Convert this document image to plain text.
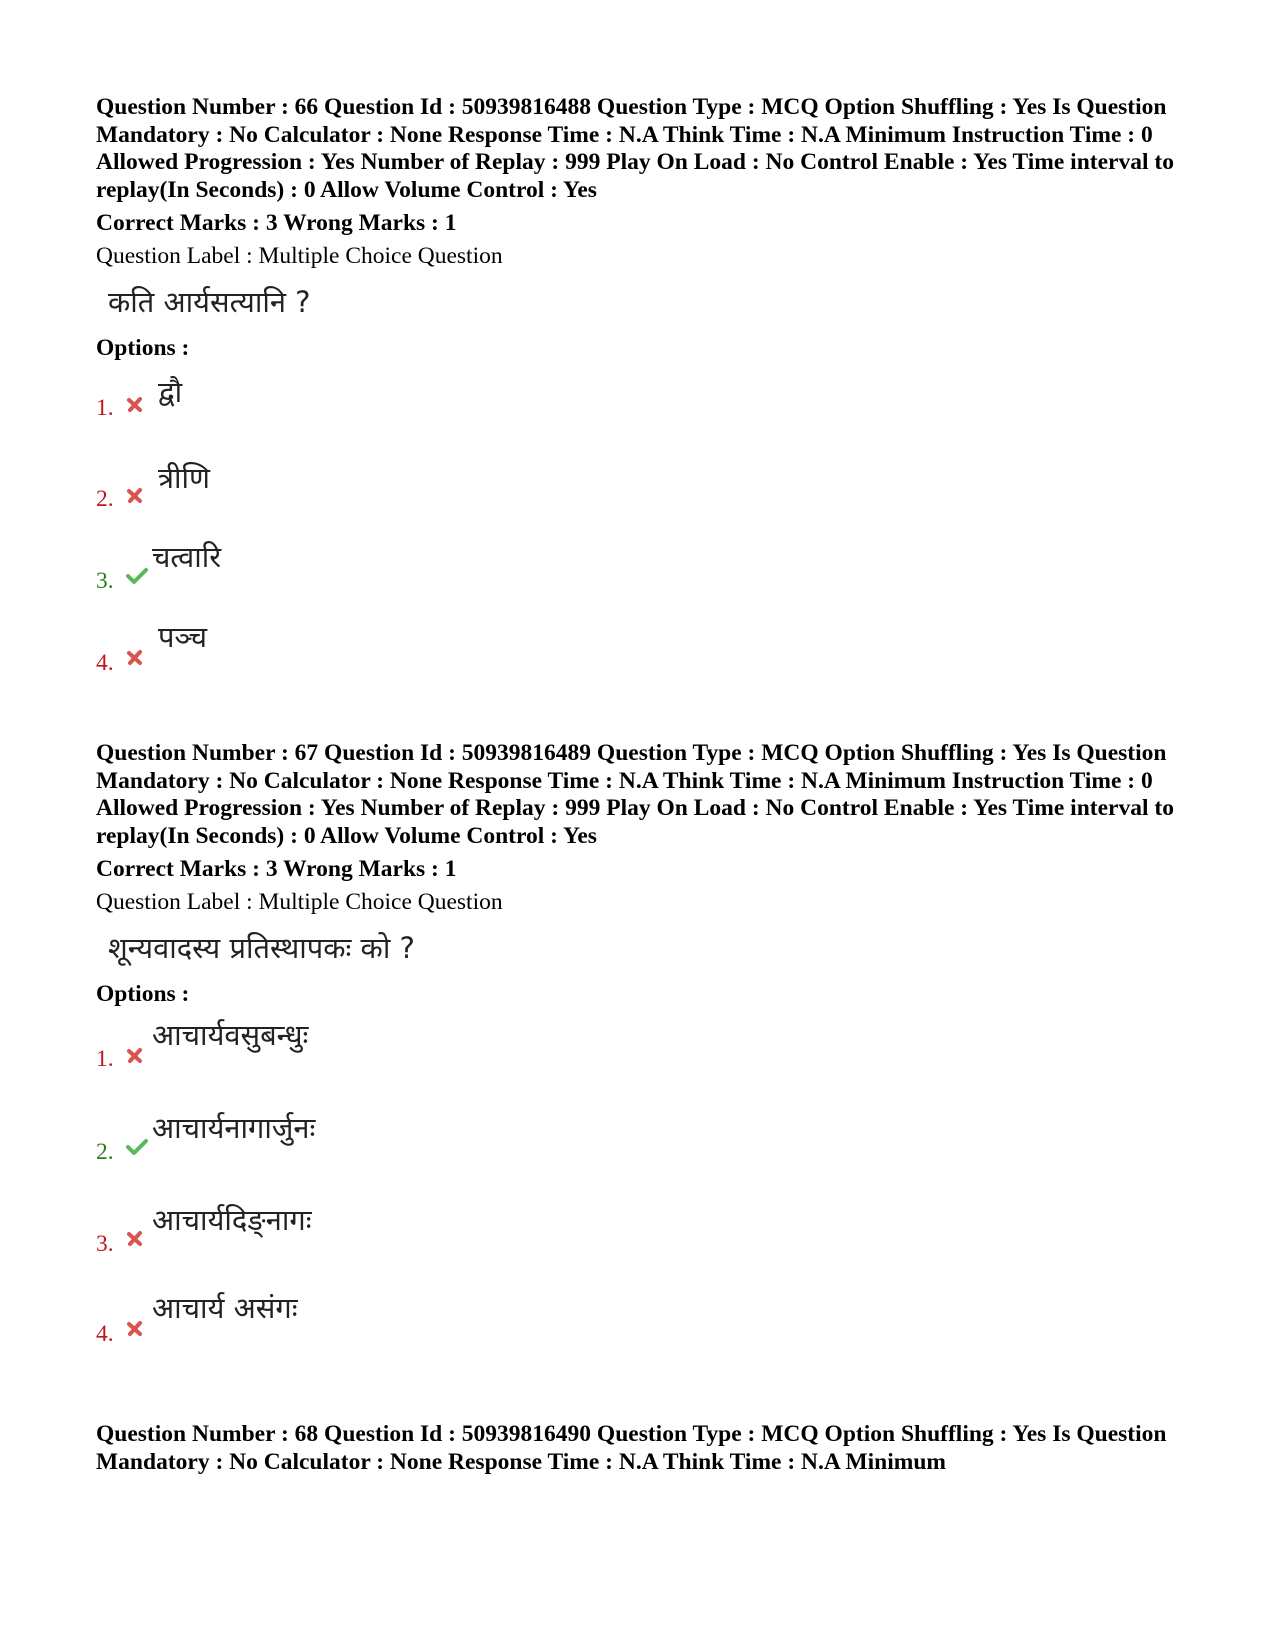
Question Number : 66 Question Id : 50939816488 Question Type : MCQ Option Shuffling : Yes Is Question Mandatory : No Calculator : None Response Time : N.A Think Time : N.A Minimum Instruction Time : 0 Allowed Progression : Yes Number of Replay : 999 Play On Load : No Control Enable : Yes Time interval to replay(In Seconds) : 0 Allow Volume Control : Yes

Correct Marks : 3 Wrong Marks : 1
Question Label : Multiple Choice Question
कति आर्यसत्यानि ?
Options :
1. द्वौ
2.
त्रीणि
3.
चत्वारि
4.
पञ्च

Question Number : 67 Question Id : 50939816489 Question Type : MCQ Option Shuffling : Yes Is Question Mandatory : No Calculator : None Response Time : N.A Think Time : N.A Minimum Instruction Time : 0 Allowed Progression : Yes Number of Replay : 999 Play On Load : No Control Enable : Yes Time interval to replay(In Seconds) : 0 Allow Volume Control : Yes

Correct Marks : 3 Wrong Marks : 1
Question Label : Multiple Choice Question
शून्यवादस्य प्रतिस्थापकः को ?
Options :
1.
आचार्यवसुबन्धुः
2.
आचार्यनागार्जुनः
3.
आचार्यदिङ्नागः
4.
आचार्य असंगः

Question Number : 68 Question Id : 50939816490 Question Type : MCQ Option Shuffling : Yes Is Question Mandatory : No Calculator : None Response Time : N.A Think Time : N.A Minimum
